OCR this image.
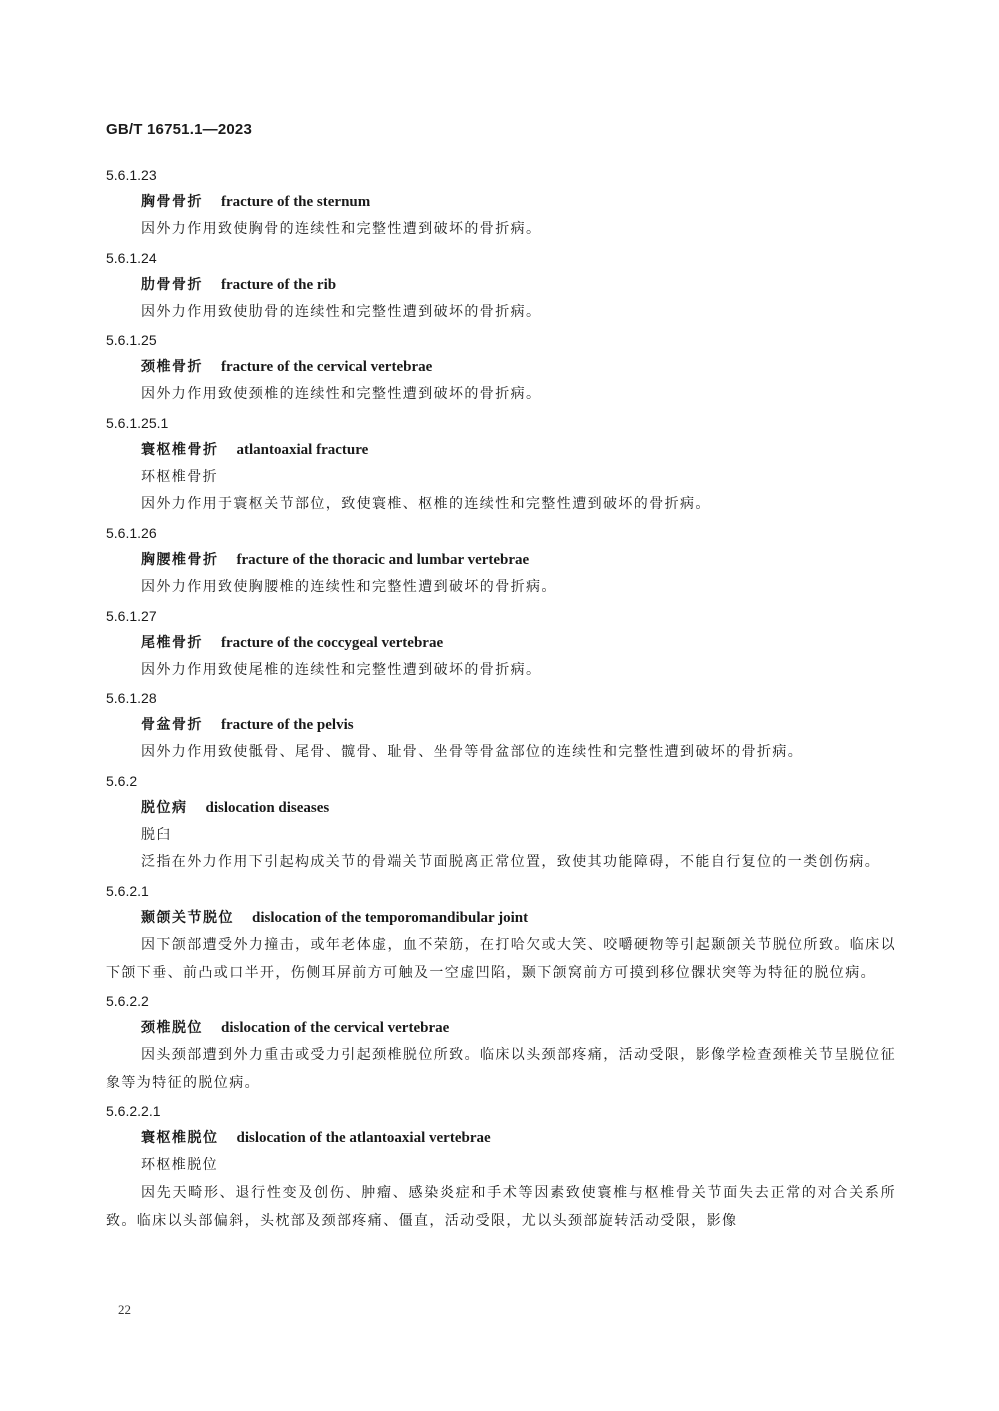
GB/T 16751.1—2023
5.6.1.23
胸骨骨折 fracture of the sternum
因外力作用致使胸骨的连续性和完整性遭到破坏的骨折病。
5.6.1.24
肋骨骨折 fracture of the rib
因外力作用致使肋骨的连续性和完整性遭到破坏的骨折病。
5.6.1.25
颈椎骨折 fracture of the cervical vertebrae
因外力作用致使颈椎的连续性和完整性遭到破坏的骨折病。
5.6.1.25.1
寰枢椎骨折 atlantoaxial fracture
环枢椎骨折
因外力作用于寰枢关节部位，致使寰椎、枢椎的连续性和完整性遭到破坏的骨折病。
5.6.1.26
胸腰椎骨折 fracture of the thoracic and lumbar vertebrae
因外力作用致使胸腰椎的连续性和完整性遭到破坏的骨折病。
5.6.1.27
尾椎骨折 fracture of the coccygeal vertebrae
因外力作用致使尾椎的连续性和完整性遭到破坏的骨折病。
5.6.1.28
骨盆骨折 fracture of the pelvis
因外力作用致使骶骨、尾骨、髋骨、耻骨、坐骨等骨盆部位的连续性和完整性遭到破坏的骨折病。
5.6.2
脱位病 dislocation diseases
脱臼
泛指在外力作用下引起构成关节的骨端关节面脱离正常位置，致使其功能障碍，不能自行复位的一类创伤病。
5.6.2.1
颞颌关节脱位 dislocation of the temporomandibular joint
因下颌部遭受外力撞击，或年老体虚，血不荣筋，在打哈欠或大笑、咬嚼硬物等引起颞颌关节脱位所致。临床以下颌下垂、前凸或口半开，伤侧耳屏前方可触及一空虚凹陷，颞下颌窝前方可摸到移位髁状突等为特征的脱位病。
5.6.2.2
颈椎脱位 dislocation of the cervical vertebrae
因头颈部遭到外力重击或受力引起颈椎脱位所致。临床以头颈部疼痛，活动受限，影像学检查颈椎关节呈脱位征象等为特征的脱位病。
5.6.2.2.1
寰枢椎脱位 dislocation of the atlantoaxial vertebrae
环枢椎脱位
因先天畸形、退行性变及创伤、肿瘤、感染炎症和手术等因素致使寰椎与枢椎骨关节面失去正常的对合关系所致。临床以头部偏斜，头枕部及颈部疼痛、僵直，活动受限，尤以头颈部旋转活动受限，影像
22
